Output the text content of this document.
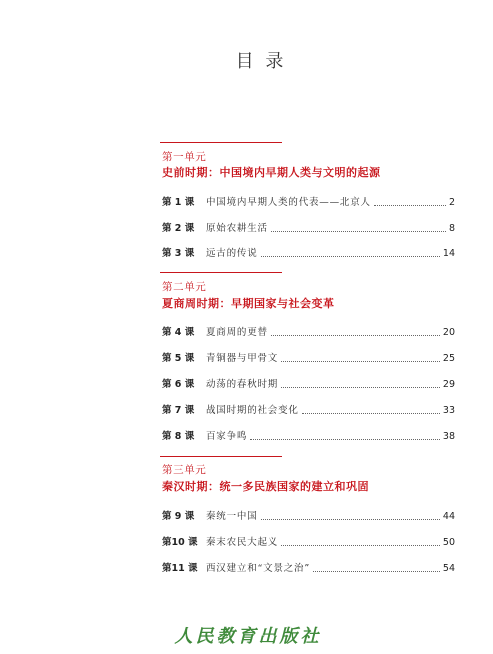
目 录
第一单元
史前时期：中国境内早期人类与文明的起源
第 1 课	中国境内早期人类的代表——北京人	2
第 2 课	原始农耕生活	8
第 3 课	远古的传说	14
第二单元
夏商周时期：早期国家与社会变革
第 4 课	夏商周的更替	20
第 5 课	青铜器与甲骨文	25
第 6 课	动荡的春秋时期	29
第 7 课	战国时期的社会变化	33
第 8 课	百家争鸣	38
第三单元
秦汉时期：统一多民族国家的建立和巩固
第 9 课	秦统一中国	44
第10 课 秦末农民大起义	50
第11 课 西汉建立和“文景之治”	54
人民教育出版社
